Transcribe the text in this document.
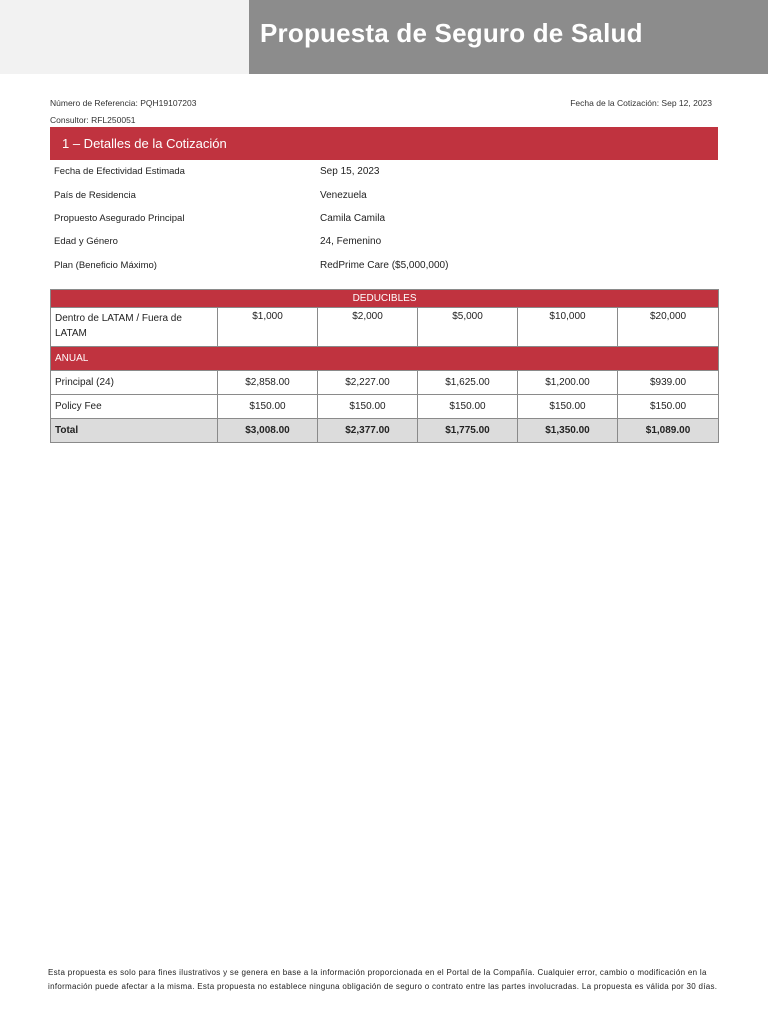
Propuesta de Seguro de Salud
Número de Referencia: PQH19107203
Consultor: RFL250051
Fecha de la Cotización: Sep 12, 2023
1 – Detalles de la Cotización
Fecha de Efectividad Estimada	Sep 15, 2023
País de Residencia	Venezuela
Propuesto Asegurado Principal	Camila Camila
Edad y Género	24, Femenino
Plan (Beneficio Máximo)	RedPrime Care ($5,000,000)
DEDUCIBLES					
Dentro de LATAM / Fuera de LATAM	$1,000	$2,000	$5,000	$10,000	$20,000
ANUAL					
Principal (24)	$2,858.00	$2,227.00	$1,625.00	$1,200.00	$939.00
Policy Fee	$150.00	$150.00	$150.00	$150.00	$150.00
Total	$3,008.00	$2,377.00	$1,775.00	$1,350.00	$1,089.00
Esta propuesta es solo para fines ilustrativos y se genera en base a la información proporcionada en el Portal de la Compañía. Cualquier error, cambio o modificación en la información puede afectar a la misma. Esta propuesta no establece ninguna obligación de seguro o contrato entre las partes involucradas. La propuesta es válida por 30 días.
